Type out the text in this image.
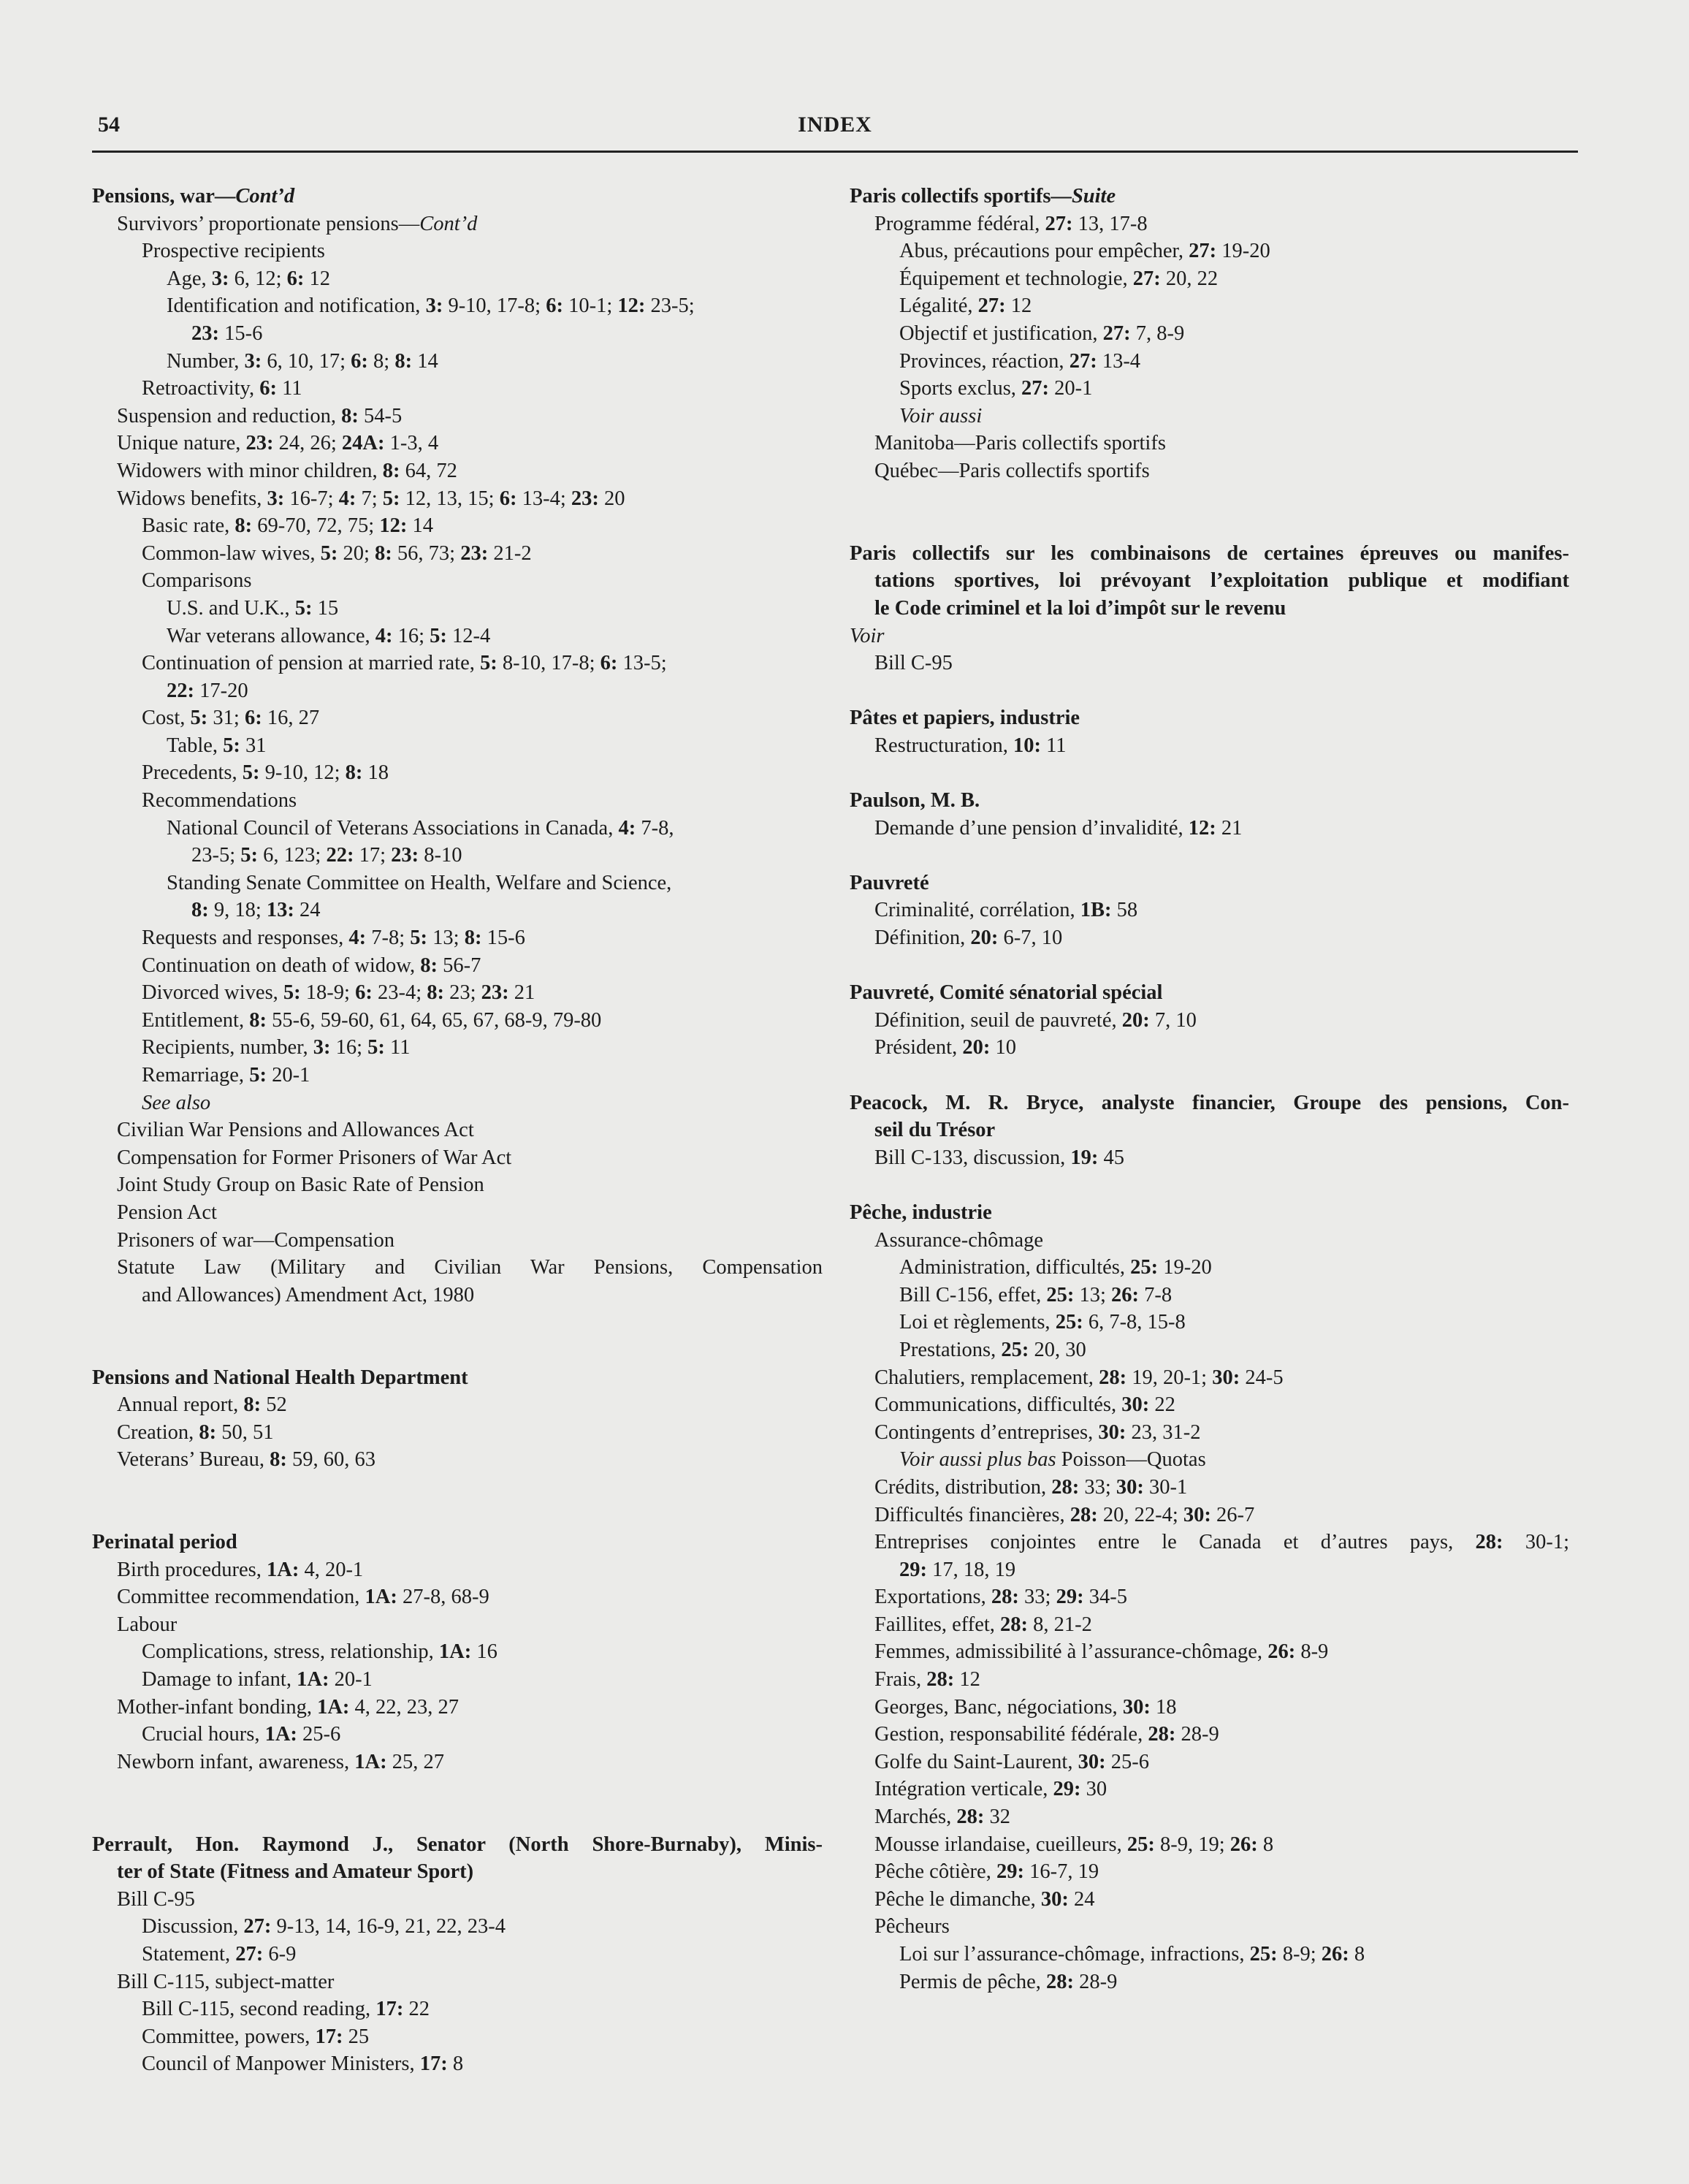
54	INDEX
Pensions, war—Cont’d
Survivors’ proportionate pensions—Cont’d
Prospective recipients
Age, 3: 6, 12; 6: 12
Identification and notification, 3: 9-10, 17-8; 6: 10-1; 12: 23-5;
23: 15-6
Number, 3: 6, 10, 17; 6: 8; 8: 14
Retroactivity, 6: 11
Suspension and reduction, 8: 54-5
Unique nature, 23: 24, 26; 24A: 1-3, 4
Widowers with minor children, 8: 64, 72
Widows benefits, 3: 16-7; 4: 7; 5: 12, 13, 15; 6: 13-4; 23: 20
Basic rate, 8: 69-70, 72, 75; 12: 14
Common-law wives, 5: 20; 8: 56, 73; 23: 21-2
Comparisons
U.S. and U.K., 5: 15
War veterans allowance, 4: 16; 5: 12-4
Continuation of pension at married rate, 5: 8-10, 17-8; 6: 13-5;
22: 17-20
Cost, 5: 31; 6: 16, 27
Table, 5: 31
Precedents, 5: 9-10, 12; 8: 18
Recommendations
National Council of Veterans Associations in Canada, 4: 7-8,
23-5; 5: 6, 123; 22: 17; 23: 8-10
Standing Senate Committee on Health, Welfare and Science,
8: 9, 18; 13: 24
Requests and responses, 4: 7-8; 5: 13; 8: 15-6
Continuation on death of widow, 8: 56-7
Divorced wives, 5: 18-9; 6: 23-4; 8: 23; 23: 21
Entitlement, 8: 55-6, 59-60, 61, 64, 65, 67, 68-9, 79-80
Recipients, number, 3: 16; 5: 11
Remarriage, 5: 20-1
See also
Civilian War Pensions and Allowances Act
Compensation for Former Prisoners of War Act
Joint Study Group on Basic Rate of Pension
Pension Act
Prisoners of war—Compensation
Statute Law (Military and Civilian War Pensions, Compensation
and Allowances) Amendment Act, 1980
Pensions and National Health Department
Annual report, 8: 52
Creation, 8: 50, 51
Veterans’ Bureau, 8: 59, 60, 63
Perinatal period
Birth procedures, 1A: 4, 20-1
Committee recommendation, 1A: 27-8, 68-9
Labour
Complications, stress, relationship, 1A: 16
Damage to infant, 1A: 20-1
Mother-infant bonding, 1A: 4, 22, 23, 27
Crucial hours, 1A: 25-6
Newborn infant, awareness, 1A: 25, 27
Perrault, Hon. Raymond J., Senator (North Shore-Burnaby), Minis-
ter of State (Fitness and Amateur Sport)
Bill C-95
Discussion, 27: 9-13, 14, 16-9, 21, 22, 23-4
Statement, 27: 6-9
Bill C-115, subject-matter
Bill C-115, second reading, 17: 22
Committee, powers, 17: 25
Council of Manpower Ministers, 17: 8
Paris collectifs sportifs—Suite
Programme fédéral, 27: 13, 17-8
Abus, précautions pour empêcher, 27: 19-20
Équipement et technologie, 27: 20, 22
Légalité, 27: 12
Objectif et justification, 27: 7, 8-9
Provinces, réaction, 27: 13-4
Sports exclus, 27: 20-1
Voir aussi
Manitoba—Paris collectifs sportifs
Québec—Paris collectifs sportifs
Paris collectifs sur les combinaisons de certaines épreuves ou manifes-
tations sportives, loi prévoyant l’exploitation publique et modifiant
le Code criminel et la loi d’impôt sur le revenu
Voir
Bill C-95
Pâtes et papiers, industrie
Restructuration, 10: 11
Paulson, M. B.
Demande d’une pension d’invalidité, 12: 21
Pauvreté
Criminalité, corrélation, 1B: 58
Définition, 20: 6-7, 10
Pauvreté, Comité sénatorial spécial
Définition, seuil de pauvreté, 20: 7, 10
Président, 20: 10
Peacock, M. R. Bryce, analyste financier, Groupe des pensions, Con-
seil du Trésor
Bill C-133, discussion, 19: 45
Pêche, industrie
Assurance-chômage
Administration, difficultés, 25: 19-20
Bill C-156, effet, 25: 13; 26: 7-8
Loi et règlements, 25: 6, 7-8, 15-8
Prestations, 25: 20, 30
Chalutiers, remplacement, 28: 19, 20-1; 30: 24-5
Communications, difficultés, 30: 22
Contingents d’entreprises, 30: 23, 31-2
Voir aussi plus bas Poisson—Quotas
Crédits, distribution, 28: 33; 30: 30-1
Difficultés financières, 28: 20, 22-4; 30: 26-7
Entreprises conjointes entre le Canada et d’autres pays, 28: 30-1;
29: 17, 18, 19
Exportations, 28: 33; 29: 34-5
Faillites, effet, 28: 8, 21-2
Femmes, admissibilité à l’assurance-chômage, 26: 8-9
Frais, 28: 12
Georges, Banc, négociations, 30: 18
Gestion, responsabilité fédérale, 28: 28-9
Golfe du Saint-Laurent, 30: 25-6
Intégration verticale, 29: 30
Marchés, 28: 32
Mousse irlandaise, cueilleurs, 25: 8-9, 19; 26: 8
Pêche côtière, 29: 16-7, 19
Pêche le dimanche, 30: 24
Pêcheurs
Loi sur l’assurance-chômage, infractions, 25: 8-9; 26: 8
Permis de pêche, 28: 28-9
